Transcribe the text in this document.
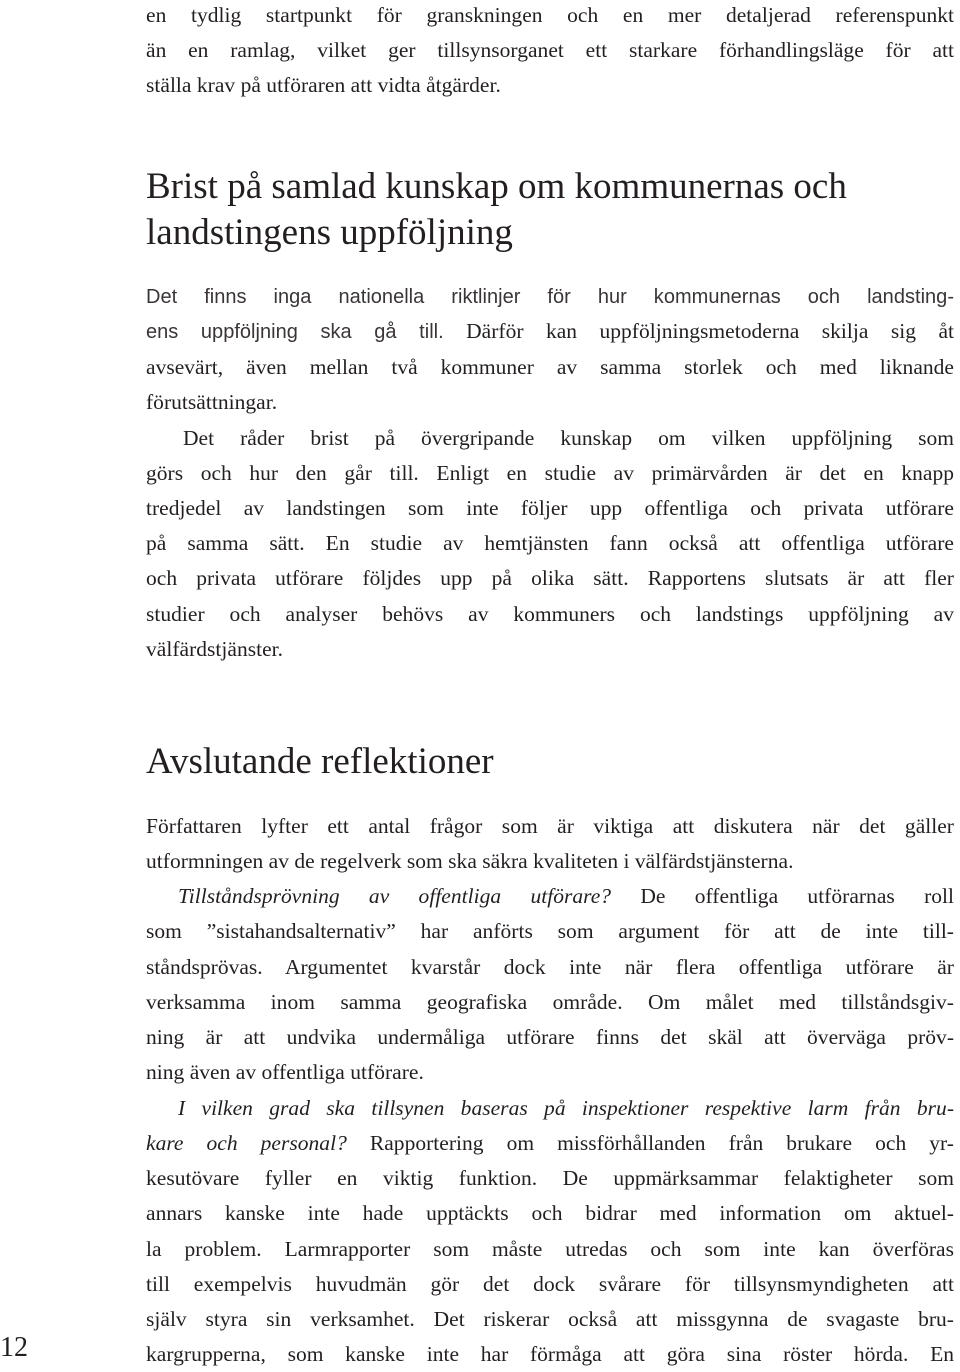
en tydlig startpunkt för granskningen och en mer detaljerad referenspunkt
än en ramlag, vilket ger tillsynsorganet ett starkare förhandlingsläge för att
ställa krav på utföraren att vidta åtgärder.
Brist på samlad kunskap om kommunernas och
landstingens uppföljning
Det finns inga nationella riktlinjer för hur kommunernas och landsting-
ens uppföljning ska gå till. Därför kan uppföljningsmetoderna skilja sig åt
avsevärt, även mellan två kommuner av samma storlek och med liknande
förutsättningar.
Det råder brist på övergripande kunskap om vilken uppföljning som
görs och hur den går till. Enligt en studie av primärvården är det en knapp
tredjedel av landstingen som inte följer upp offentliga och privata utförare
på samma sätt. En studie av hemtjänsten fann också att offentliga utförare
och privata utförare följdes upp på olika sätt. Rapportens slutsats är att fler
studier och analyser behövs av kommuners och landstings uppföljning av
välfärdstjänster.
Avslutande reflektioner
Författaren lyfter ett antal frågor som är viktiga att diskutera när det gäller
utformningen av de regelverk som ska säkra kvaliteten i välfärdstjänsterna.
Tillståndsprövning av offentliga utförare? De offentliga utförarnas roll
som ”sistahandsalternativ” har anförts som argument för att de inte till-
ståndsprövas. Argumentet kvarstår dock inte när flera offentliga utförare är
verksamma inom samma geografiska område. Om målet med tillståndsgiv-
ning är att undvika undermåliga utförare finns det skäl att överväga pröv-
ning även av offentliga utförare.
I vilken grad ska tillsynen baseras på inspektioner respektive larm från bru-
kare och personal? Rapportering om missförhållanden från brukare och yr-
kesutövare fyller en viktig funktion. De uppmärksammar felaktigheter som
annars kanske inte hade upptäckts och bidrar med information om aktuel-
la problem. Larmrapporter som måste utredas och som inte kan överföras
till exempelvis huvudmän gör det dock svårare för tillsynsmyndigheten att
själv styra sin verksamhet. Det riskerar också att missgynna de svagaste bru-
kargrupperna, som kanske inte har förmåga att göra sina röster hörda. En
12
